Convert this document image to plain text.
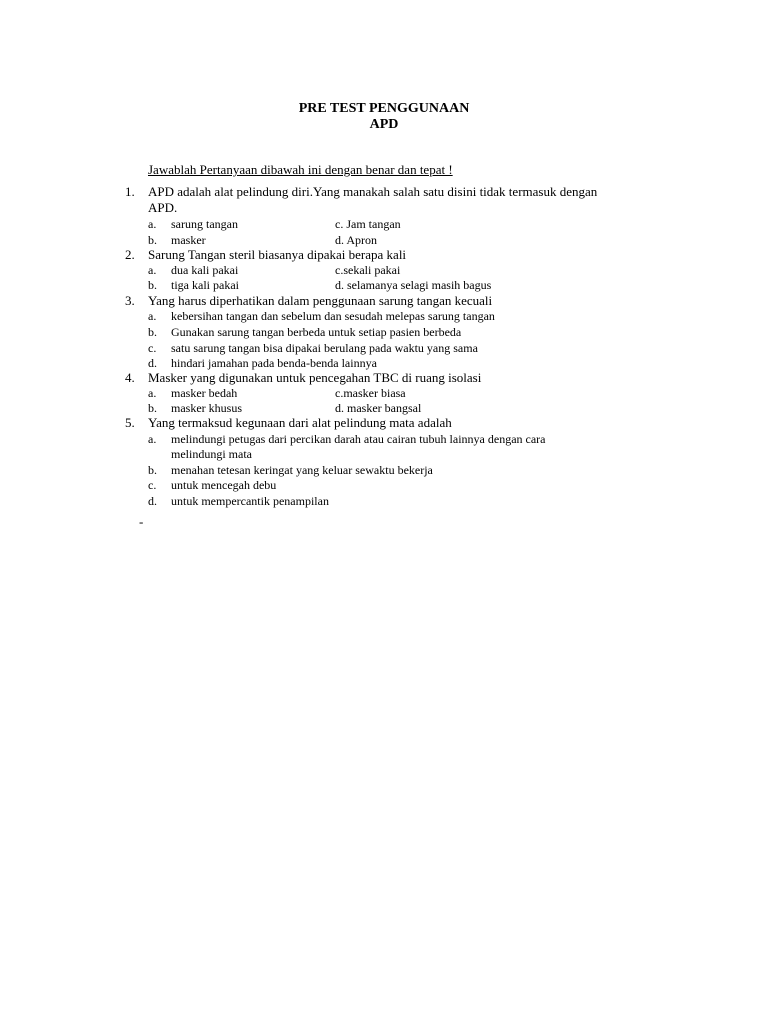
PRE TEST PENGGUNAAN
APD
Jawablah Pertanyaan dibawah ini dengan benar dan tepat !
1. APD adalah alat pelindung diri.Yang manakah salah satu disini tidak termasuk dengan
APD.
a. sarung tangan	c. Jam tangan
b. masker	d. Apron
2. Sarung Tangan steril biasanya dipakai berapa kali
a. dua kali pakai	c.sekali pakai
b. tiga kali pakai	d. selamanya selagi masih bagus
3. Yang harus diperhatikan dalam penggunaan sarung tangan kecuali
a. kebersihan tangan dan sebelum dan sesudah melepas sarung tangan
b. Gunakan sarung tangan berbeda untuk setiap pasien berbeda
c. satu sarung tangan bisa dipakai berulang pada waktu yang sama
d. hindari jamahan pada benda-benda lainnya
4. Masker yang digunakan untuk pencegahan TBC di ruang isolasi
a. masker bedah	c.masker biasa
b. masker khusus	d. masker bangsal
5. Yang termaksud kegunaan dari alat pelindung mata adalah
a. melindungi petugas dari percikan darah atau cairan tubuh lainnya dengan cara
melindungi mata
b. menahan tetesan keringat yang keluar sewaktu bekerja
c. untuk mencegah debu
d. untuk mempercantik penampilan
-
